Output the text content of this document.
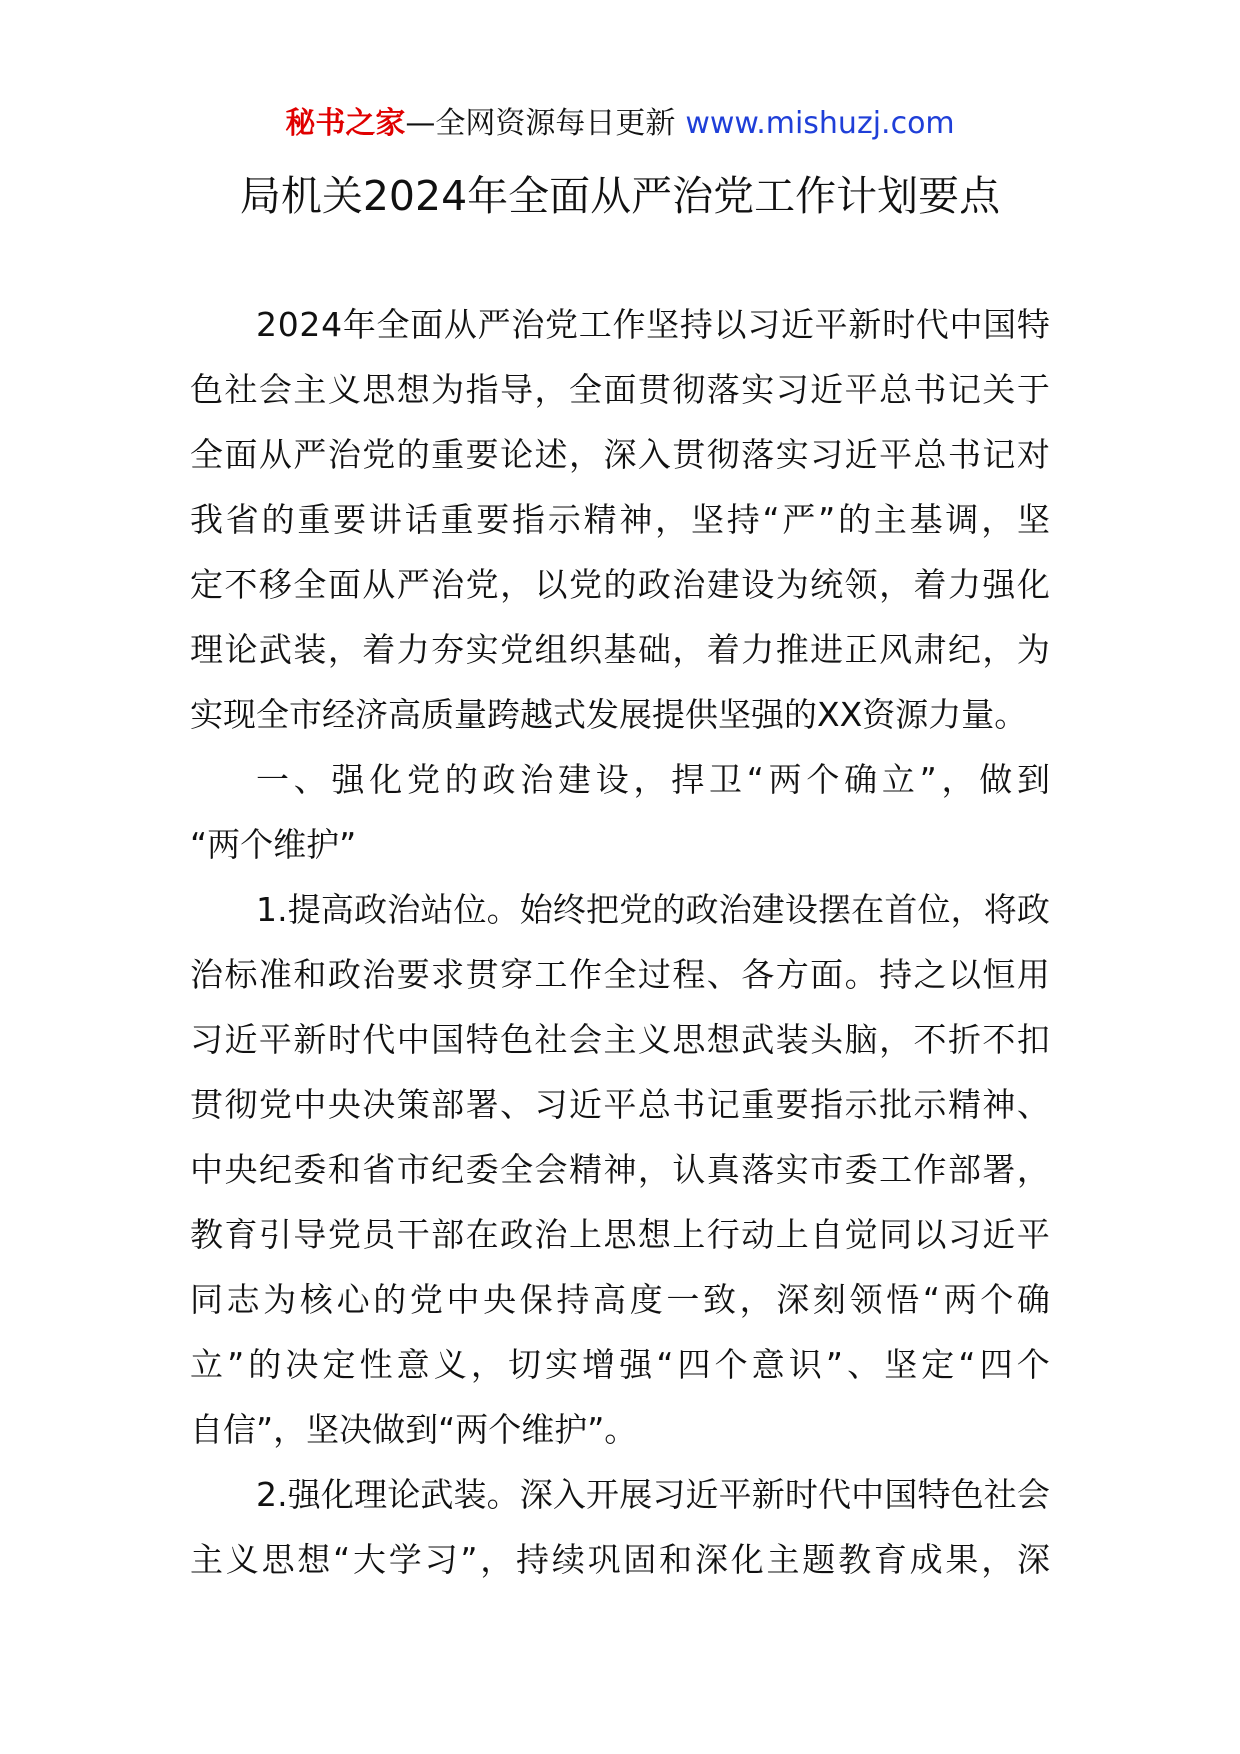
秘书之家—全网资源每日更新 www.mishuzj.com
局机关2024年全面从严治党工作计划要点
2 0 2 4 年 全 面 从 严 治 党 工 作 坚 持 以 习 近 平 新 时 代 中 国 特
色 社 会 主 义 思 想 为 指 导 ， 全 面 贯 彻 落 实 习 近 平 总 书 记 关 于
全 面 从 严 治 党 的 重 要 论 述 ， 深 入 贯 彻 落 实 习 近 平 总 书 记 对
我 省 的 重 要 讲 话 重 要 指 示 精 神 ， 坚 持 “ 严 ” 的 主 基 调 ， 坚
定 不 移 全 面 从 严 治 党 ， 以 党 的 政 治 建 设 为 统 领 ， 着 力 强 化
理 论 武 装 ， 着 力 夯 实 党 组 织 基 础 ， 着 力 推 进 正 风 肃 纪 ， 为
实现全市经济高质量跨越式发展提供坚强的XX资源力量。
一 、 强 化 党 的 政 治 建 设 ， 捍 卫 “ 两 个 确 立 ” ， 做 到
“两个维护”
1 . 提 高 政 治 站 位 。 始 终 把 党 的 政 治 建 设 摆 在 首 位 ， 将 政
治 标 准 和 政 治 要 求 贯 穿 工 作 全 过 程 、 各 方 面 。 持 之 以 恒 用
习 近 平 新 时 代 中 国 特 色 社 会 主 义 思 想 武 装 头 脑 ， 不 折 不 扣
贯 彻 党 中 央 决 策 部 署 、 习 近 平 总 书 记 重 要 指 示 批 示 精 神 、
中 央 纪 委 和 省 市 纪 委 全 会 精 神 ， 认 真 落 实 市 委 工 作 部 署 ，
教 育 引 导 党 员 干 部 在 政 治 上 思 想 上 行 动 上 自 觉 同 以 习 近 平
同 志 为 核 心 的 党 中 央 保 持 高 度 一 致 ， 深 刻 领 悟 “ 两 个 确
立 ” 的 决 定 性 意 义 ， 切 实 增 强 “ 四 个 意 识 ” 、 坚 定 “ 四 个
自信”，坚决做到“两个维护”。
2 . 强 化 理 论 武 装 。 深 入 开 展 习 近 平 新 时 代 中 国 特 色 社 会
主 义 思 想 “ 大 学 习 ” ， 持 续 巩 固 和 深 化 主 题 教 育 成 果 ， 深
